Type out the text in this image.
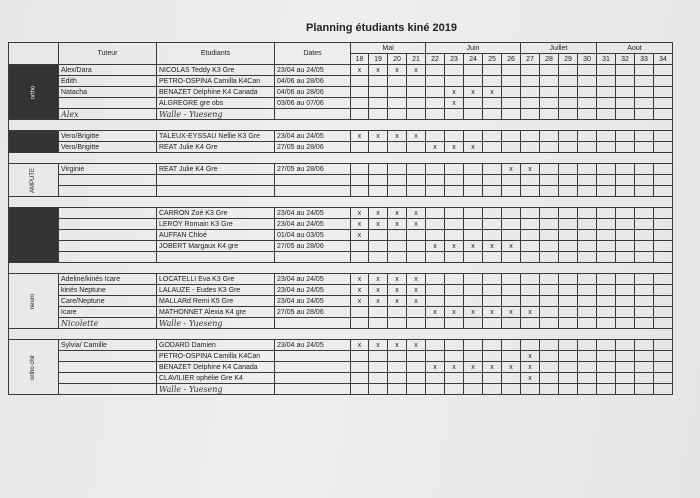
Planning étudiants kiné 2019
	Tuteur	Etudiants	Dates	Mai				Juin					Juillet				Aout			
				18	19	20	21	22	23	24	25	26	27	28	29	30	31	32	33	34
ortho	Alex/Dara	NICOLAS Teddy K3 Gre	23/04 au 24/05	x	x	x	x													
	Edith	PETRO-OSPINA Camilla K4Can	04/06 au 28/06																	
	Natacha	BENAZET Delphine K4 Canada	04/06 au 28/06						x	x	x									
		ALGREGRE gre obs	03/06 au 07/06						x											
	Alex	Walle - Yueseng																		

	Vero/Brigitte	TALEUX-EYSSAU Nellie K3 Gre	23/04 au 24/05	x	x	x	x													
	Vero/Brigitte	REAT Julie K4 Gre	27/05 au 28/06					x	x	x										

AMPUTE	Virginie	REAT Julie K4 Gre	27/05 au 28/06									x	x							

		CARRON Zoé K3 Gre	23/04 au 24/05	x	x	x	x													
		LEROY Romain K3 Gre	23/04 au 24/05	x	x	x	x													
		AUFFAN Chloé	01/04 au 03/05	x																
		JOBERT Margaux K4 gre	27/05 au 28/06					x	x	x	x	x								

neuro	Adeline/kinés Icare	LOCATELLI Eva K3 Gre	23/04 au 24/05	x	x	x	x													
	kinés Neptune	LALAUZE - Eudes K3 Gre	23/04 au 24/05	x	x	x	x													
	Care/Neptune	MALLARd Remi K5 Gre	23/04 au 24/05	x	x	x	x													
	Icare	MATHONNET Alexia K4 gre	27/05 au 28/06					x	x	x	x	x	x							
	Nicolette	Walle - Yueseng																		

ortho chir	Sylvia/ Camille	GODARD Damien	23/04 au 24/05	x	x	x	x													
		PETRO-OSPINA Camilla K4Can											x							
		BENAZET Delphine K4 Canada						x	x	x	x	x	x							
		CLAVILIER ophélie Gre K4											x							
		Walle - Yueseng																		
